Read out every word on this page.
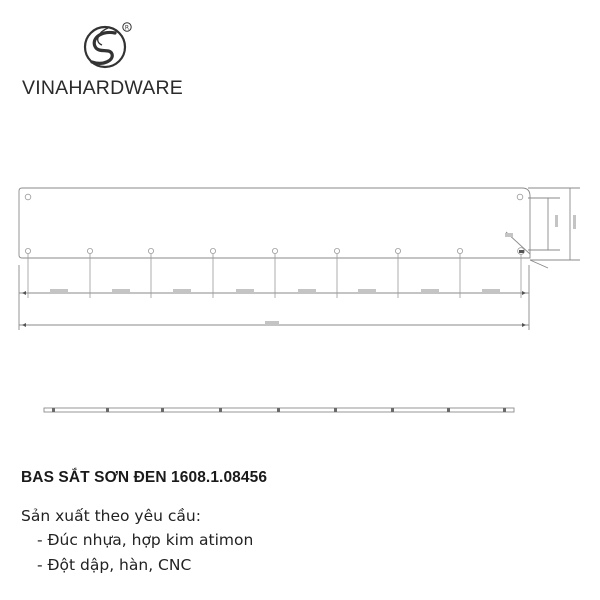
R
VINAHARDWARE
BAS SẮT SƠN ĐEN 1608.1.08456
Sản xuất theo yêu cầu:
- Đúc nhựa, hợp kim atimon
- Đột dập, hàn, CNC
